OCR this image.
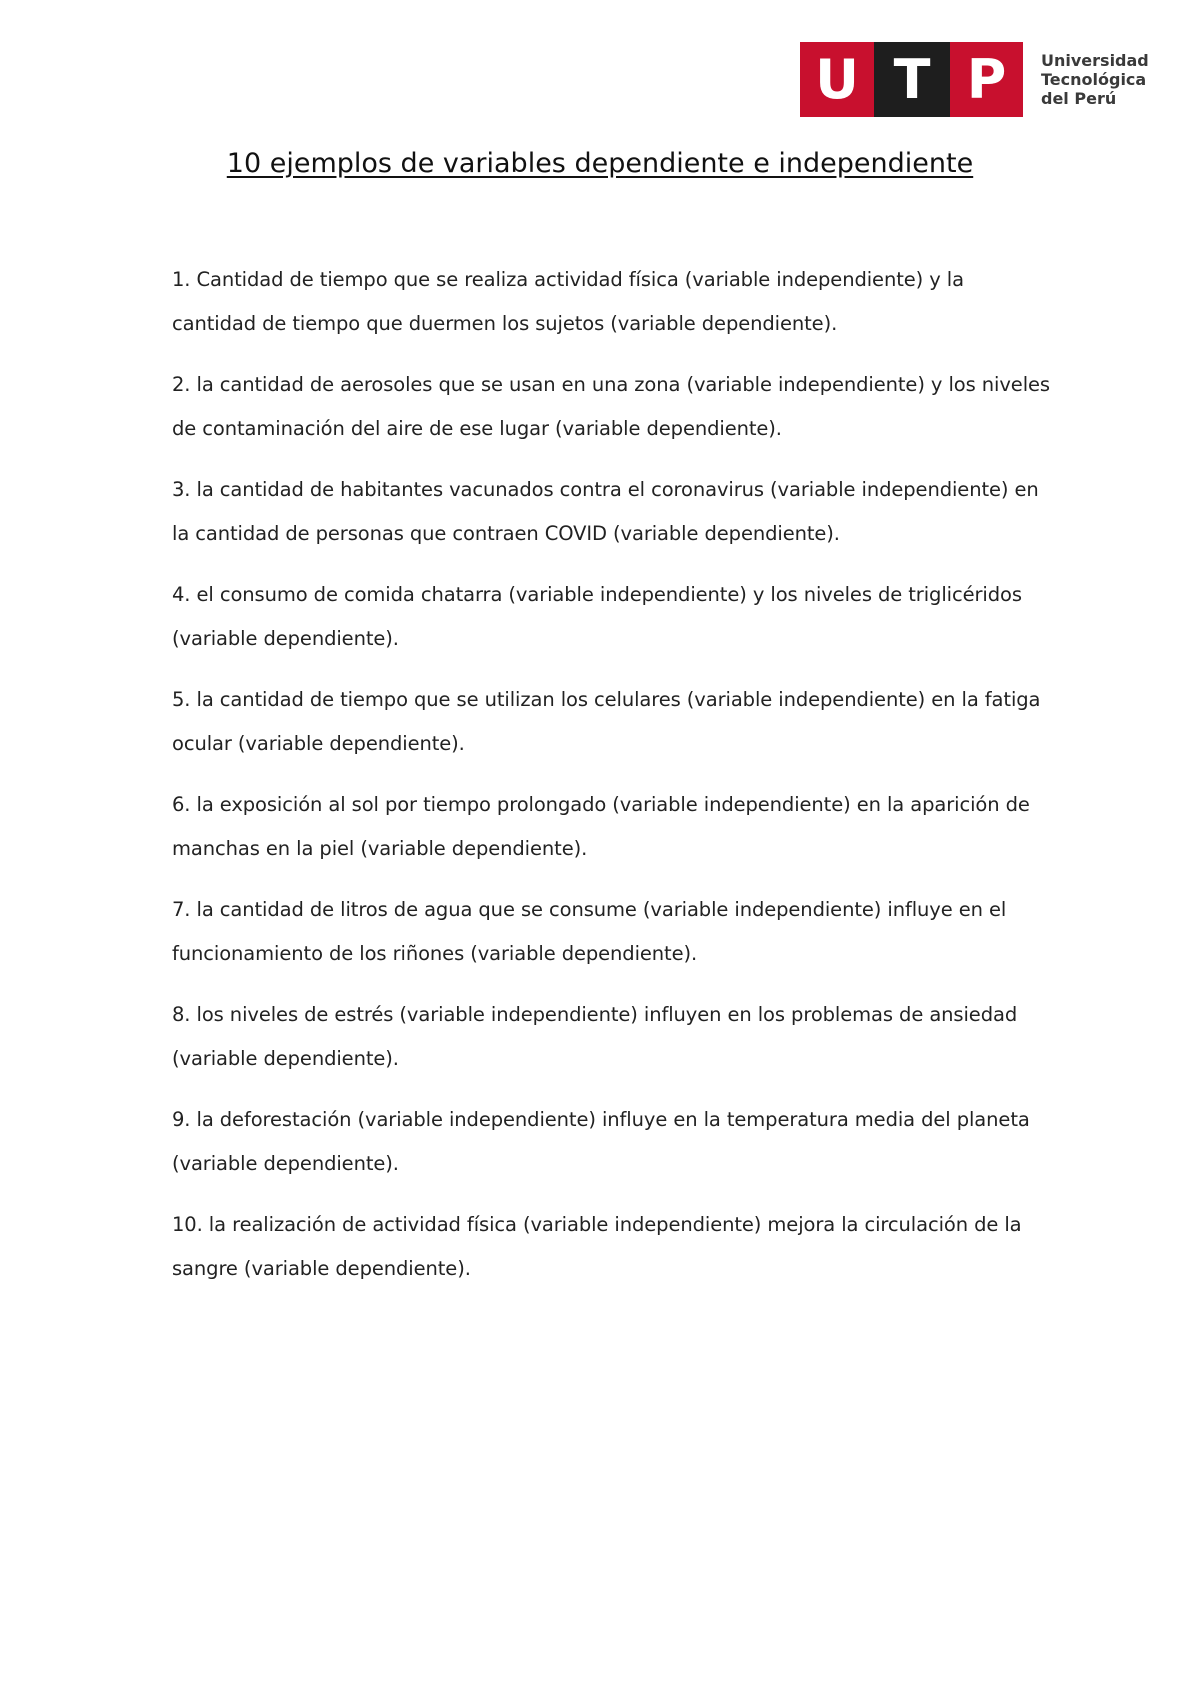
U T P	Universidad
Tecnológica
del Perú
10 ejemplos de variables dependiente e independiente
1. Cantidad de tiempo que se realiza actividad física (variable independiente) y la cantidad de tiempo que duermen los sujetos (variable dependiente).
2. la cantidad de aerosoles que se usan en una zona (variable independiente) y los niveles de contaminación del aire de ese lugar (variable dependiente).
3. la cantidad de habitantes vacunados contra el coronavirus (variable independiente) en la cantidad de personas que contraen COVID (variable dependiente).
4. el consumo de comida chatarra (variable independiente) y los niveles de triglicéridos (variable dependiente).
5. la cantidad de tiempo que se utilizan los celulares (variable independiente) en la fatiga ocular (variable dependiente).
6. la exposición al sol por tiempo prolongado (variable independiente) en la aparición de manchas en la piel (variable dependiente).
7. la cantidad de litros de agua que se consume (variable independiente) influye en el funcionamiento de los riñones (variable dependiente).
8. los niveles de estrés (variable independiente) influyen en los problemas de ansiedad (variable dependiente).
9. la deforestación (variable independiente) influye en la temperatura media del planeta (variable dependiente).
10. la realización de actividad física (variable independiente) mejora la circulación de la sangre (variable dependiente).
